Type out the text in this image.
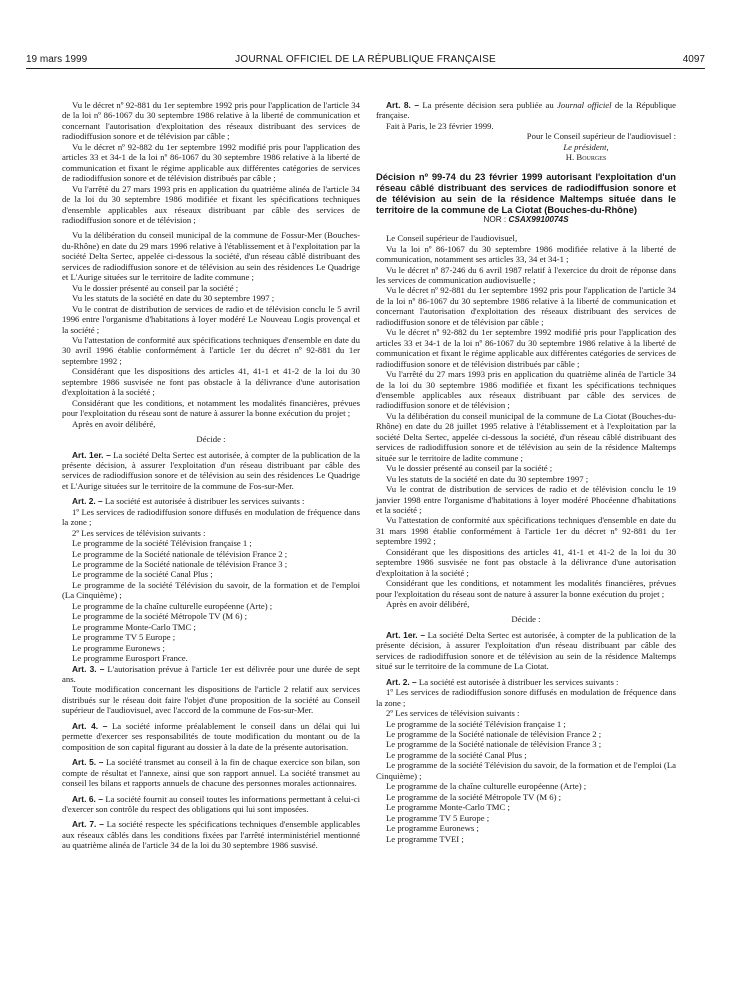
19 mars 1999	JOURNAL OFFICIEL DE LA RÉPUBLIQUE FRANÇAISE	4097

Vu le décret nº 92-881 du 1er septembre 1992 pris pour l'application de l'article 34 de la loi nº 86-1067 du 30 septembre 1986 relative à la liberté de communication et concernant l'autorisation d'exploitation des réseaux distribuant des services de radiodiffusion sonore et de télévision par câble ;

Vu le décret nº 92-882 du 1er septembre 1992 modifié pris pour l'application des articles 33 et 34-1 de la loi nº 86-1067 du 30 septembre 1986 relative à la liberté de communication et fixant le régime applicable aux différentes catégories de services de radiodiffusion sonore et de télévision distribués par câble ;

Vu l'arrêté du 27 mars 1993 pris en application du quatrième alinéa de l'article 34 de la loi du 30 septembre 1986 modifiée et fixant les spécifications techniques d'ensemble applicables aux réseaux distribuant par câble des services de radiodiffusion sonore et de télévision ;

Vu la délibération du conseil municipal de la commune de Fossur-Mer (Bouches-du-Rhône) en date du 29 mars 1996 relative à l'établissement et à l'exploitation par la société Delta Sertec, appelée ci-dessous la société, d'un réseau câblé distribuant des services de radiodiffusion sonore et de télévision au sein des résidences Le Quadrige et L'Aurige situées sur le territoire de ladite commune ;

Vu le dossier présenté au conseil par la société ;

Vu les statuts de la société en date du 30 septembre 1997 ;

Vu le contrat de distribution de services de radio et de télévision conclu le 5 avril 1996 entre l'organisme d'habitations à loyer modéré Le Nouveau Logis provençal et la société ;

Vu l'attestation de conformité aux spécifications techniques d'ensemble en date du 30 avril 1996 établie conformément à l'article 1er du décret nº 92-881 du 1er septembre 1992 ;

Considérant que les dispositions des articles 41, 41-1 et 41-2 de la loi du 30 septembre 1986 susvisée ne font pas obstacle à la délivrance d'une autorisation d'exploitation à la société ;

Considérant que les conditions, et notamment les modalités financières, prévues pour l'exploitation du réseau sont de nature à assurer la bonne exécution du projet ;

Après en avoir délibéré,

Décide :

Art. 1er. – La société Delta Sertec est autorisée, à compter de la publication de la présente décision, à assurer l'exploitation d'un réseau distribuant par câble des services de radiodiffusion sonore et de télévision au sein des résidences Le Quadrige et L'Aurige situées sur le territoire de la commune de Fos-sur-Mer.

Art. 2. – La société est autorisée à distribuer les services suivants :

1º Les services de radiodiffusion sonore diffusés en modulation de fréquence dans la zone ;

2º Les services de télévision suivants :

Le programme de la société Télévision française 1 ;

Le programme de la Société nationale de télévision France 2 ;

Le programme de la Société nationale de télévision France 3 ;

Le programme de la société Canal Plus ;

Le programme de la société Télévision du savoir, de la formation et de l'emploi (La Cinquième) ;

Le programme de la chaîne culturelle européenne (Arte) ;

Le programme de la société Métropole TV (M 6) ;

Le programme Monte-Carlo TMC ;

Le programme TV 5 Europe ;

Le programme Euronews ;

Le programme Eurosport France.

Art. 3. – L'autorisation prévue à l'article 1er est délivrée pour une durée de sept ans.

Toute modification concernant les dispositions de l'article 2 relatif aux services distribués sur le réseau doit faire l'objet d'une proposition de la société au Conseil supérieur de l'audiovisuel, avec l'accord de la commune de Fos-sur-Mer.

Art. 4. – La société informe préalablement le conseil dans un délai qui lui permette d'exercer ses responsabilités de toute modification du montant ou de la composition de son capital figurant au dossier à la date de la présente autorisation.

Art. 5. – La société transmet au conseil à la fin de chaque exercice son bilan, son compte de résultat et l'annexe, ainsi que son rapport annuel. La société transmet au conseil les bilans et rapports annuels de chacune des personnes morales actionnaires.

Art. 6. – La société fournit au conseil toutes les informations permettant à celui-ci d'exercer son contrôle du respect des obligations qui lui sont imposées.

Art. 7. – La société respecte les spécifications techniques d'ensemble applicables aux réseaux câblés dans les conditions fixées par l'arrêté interministériel mentionné au quatrième alinéa de l'article 34 de la loi du 30 septembre 1986 susvisé.

Art. 8. – La présente décision sera publiée au Journal officiel de la République française.

Fait à Paris, le 23 février 1999.

Pour le Conseil supérieur de l'audiovisuel :

Le président,

H. Bourges

Décision nº 99-74 du 23 février 1999 autorisant l'exploitation d'un réseau câblé distribuant des services de radiodiffusion sonore et de télévision au sein de la résidence Maltemps située dans le territoire de la commune de La Ciotat (Bouches-du-Rhône)

NOR : CSAX9910074S

Le Conseil supérieur de l'audiovisuel,

Vu la loi nº 86-1067 du 30 septembre 1986 modifiée relative à la liberté de communication, notamment ses articles 33, 34 et 34-1 ;

Vu le décret nº 87-246 du 6 avril 1987 relatif à l'exercice du droit de réponse dans les services de communication audiovisuelle ;

Vu le décret nº 92-881 du 1er septembre 1992 pris pour l'application de l'article 34 de la loi nº 86-1067 du 30 septembre 1986 relative à la liberté de communication et concernant l'autorisation d'exploitation des réseaux distribuant des services de radiodiffusion sonore et de télévision par câble ;

Vu le décret nº 92-882 du 1er septembre 1992 modifié pris pour l'application des articles 33 et 34-1 de la loi nº 86-1067 du 30 septembre 1986 relative à la liberté de communication et fixant le régime applicable aux différentes catégories de services de radiodiffusion sonore et de télévision distribués par câble ;

Vu l'arrêté du 27 mars 1993 pris en application du quatrième alinéa de l'article 34 de la loi du 30 septembre 1986 modifiée et fixant les spécifications techniques d'ensemble applicables aux réseaux distribuant par câble des services de radiodiffusion sonore et de télévision ;

Vu la délibération du conseil municipal de la commune de La Ciotat (Bouches-du-Rhône) en date du 28 juillet 1995 relative à l'établissement et à l'exploitation par la société Delta Sertec, appelée ci-dessous la société, d'un réseau câblé distribuant des services de radiodiffusion sonore et de télévision au sein de la résidence Maltemps située sur le territoire de ladite commune ;

Vu le dossier présenté au conseil par la société ;

Vu les statuts de la société en date du 30 septembre 1997 ;

Vu le contrat de distribution de services de radio et de télévision conclu le 19 janvier 1998 entre l'organisme d'habitations à loyer modéré Phocéenne d'habitations et la société ;

Vu l'attestation de conformité aux spécifications techniques d'ensemble en date du 31 mars 1998 établie conformément à l'article 1er du décret nº 92-881 du 1er septembre 1992 ;

Considérant que les dispositions des articles 41, 41-1 et 41-2 de la loi du 30 septembre 1986 susvisée ne font pas obstacle à la délivrance d'une autorisation d'exploitation à la société ;

Considérant que les conditions, et notamment les modalités financières, prévues pour l'exploitation du réseau sont de nature à assurer la bonne exécution du projet ;

Après en avoir délibéré,

Décide :

Art. 1er. – La société Delta Sertec est autorisée, à compter de la publication de la présente décision, à assurer l'exploitation d'un réseau distribuant par câble des services de radiodiffusion sonore et de télévision au sein de la résidence Maltemps situé sur le territoire de la commune de La Ciotat.

Art. 2. – La société est autorisée à distribuer les services suivants :

1º Les services de radiodiffusion sonore diffusés en modulation de fréquence dans la zone ;

2º Les services de télévision suivants :

Le programme de la société Télévision française 1 ;

Le programme de la Société nationale de télévision France 2 ;

Le programme de la Société nationale de télévision France 3 ;

Le programme de la société Canal Plus ;

Le programme de la société Télévision du savoir, de la formation et de l'emploi (La Cinquième) ;

Le programme de la chaîne culturelle européenne (Arte) ;

Le programme de la société Métropole TV (M 6) ;

Le programme Monte-Carlo TMC ;

Le programme TV 5 Europe ;

Le programme Euronews ;

Le programme TVEI ;
